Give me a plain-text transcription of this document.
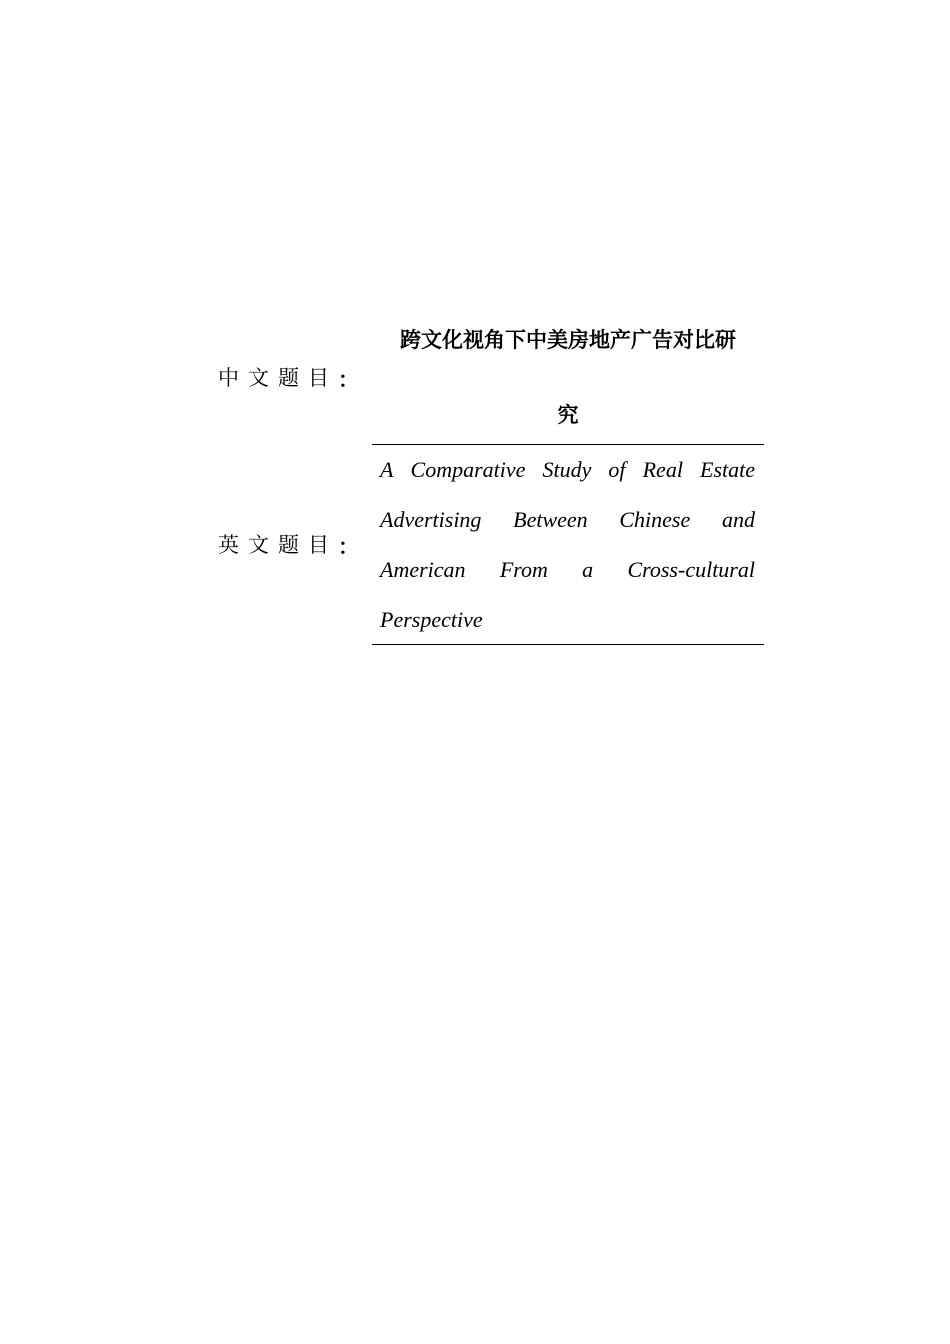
中文题目 ：
跨文化视角下中美房地产广告对比研
究
英文题目 ：
A Comparative Study of Real Estate
Advertising Between Chinese and
American From a Cross-cultural
Perspective
